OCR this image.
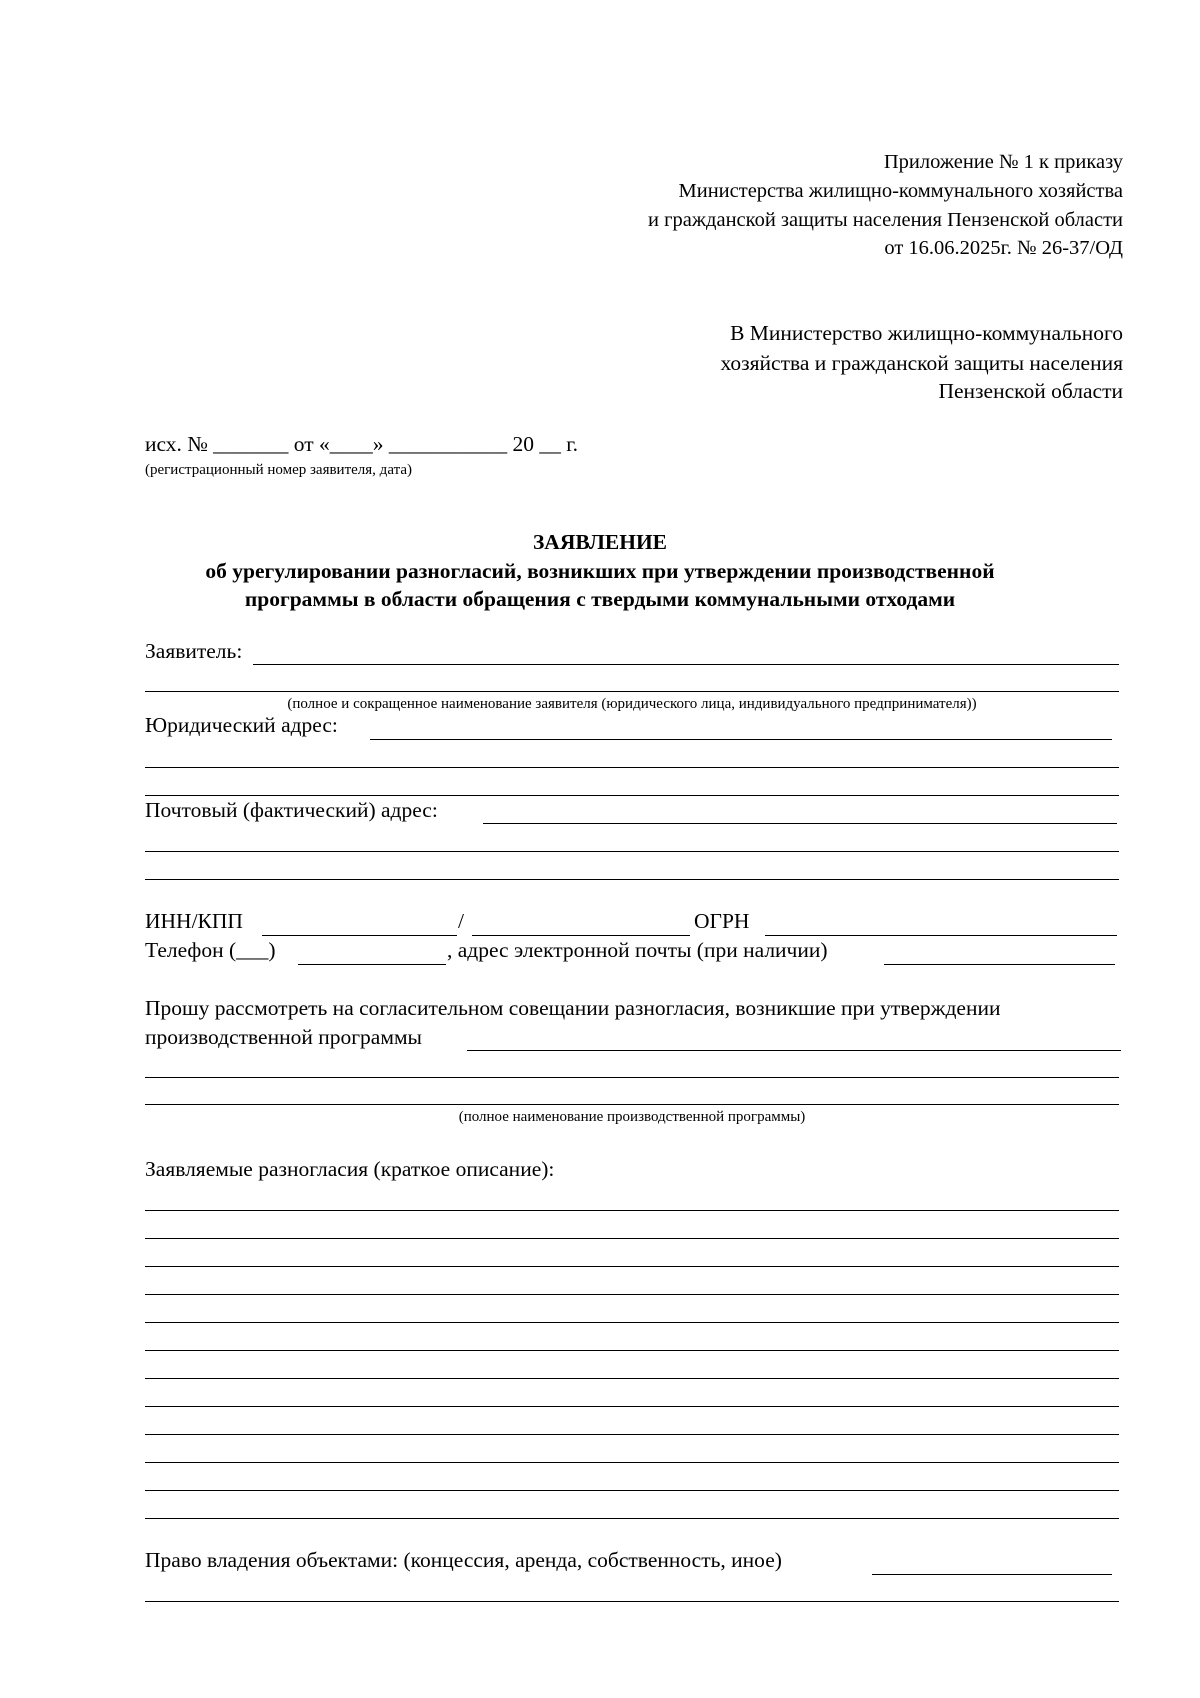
Приложение № 1 к приказу
Министерства жилищно-коммунального хозяйства
и гражданской защиты населения Пензенской области
от 16.06.2025г. № 26-37/ОД
В Министерство жилищно-коммунального
хозяйства и гражданской защиты населения
Пензенской области
исх. № _______ от «____» ___________ 20 __ г.
(регистрационный номер заявителя, дата)
ЗАЯВЛЕНИЕ
об урегулировании разногласий, возникших при утверждении производственной
программы в области обращения с твердыми коммунальными отходами
Заявитель:
(полное и сокращенное наименование заявителя (юридического лица, индивидуального предпринимателя))
Юридический адрес:
Почтовый (фактический) адрес:
ИНН/КПП	/	ОГРН
Телефон (___)	, адрес электронной почты (при наличии)
Прошу рассмотреть на согласительном совещании разногласия, возникшие при утверждении
производственной программы
(полное наименование производственной программы)
Заявляемые разногласия (краткое описание):
Право владения объектами: (концессия, аренда, собственность, иное)
